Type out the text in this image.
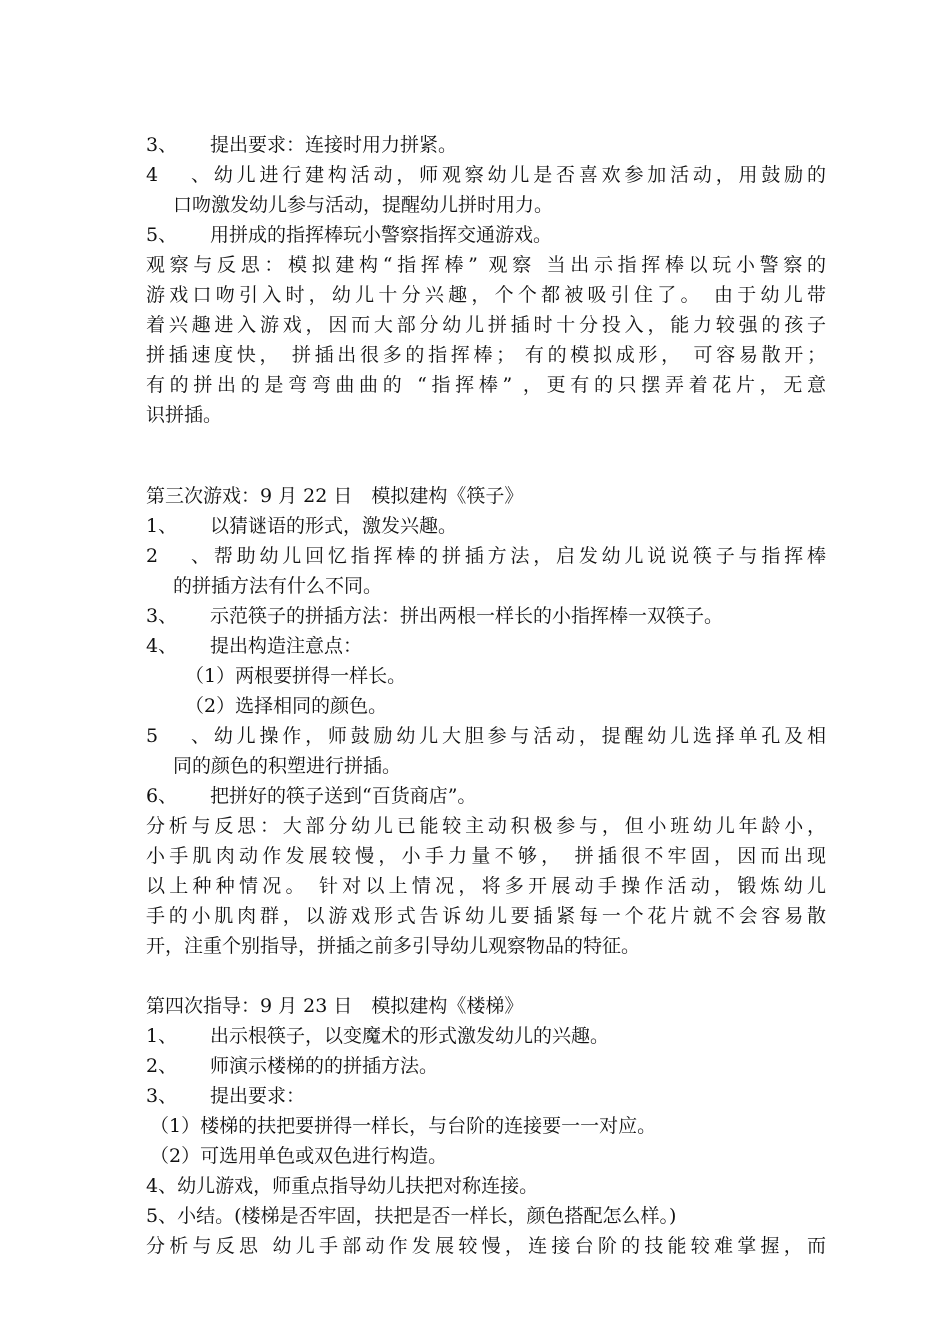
3、 提出要求：连接时用力拼紧。
4、幼儿进行建构活动，师观察幼儿是否喜欢参加活动，用鼓励的
口吻激发幼儿参与活动，提醒幼儿拼时用力。
5、 用拼成的指挥棒玩小警察指挥交通游戏。
观察与反思：模拟建构“指挥棒” 观察 当出示指挥棒以玩小警察的
游戏口吻引入时，幼儿十分兴趣，个个都被吸引住了。 由于幼儿带
着兴趣进入游戏，因而大部分幼儿拼插时十分投入，能力较强的孩子
拼插速度快， 拼插出很多的指挥棒； 有的模拟成形， 可容易散开；
有的拼出的是弯弯曲曲的 “指挥棒” ，更有的只摆弄着花片，无意
识拼插。
第三次游戏：9 月 22 日　模拟建构《筷子》
1、 以猜谜语的形式，激发兴趣。
2、帮助幼儿回忆指挥棒的拼插方法，启发幼儿说说筷子与指挥棒
的拼插方法有什么不同。
3、 示范筷子的拼插方法：拼出两根一样长的小指挥棒一双筷子。
4、 提出构造注意点：
（1）两根要拼得一样长。
（2）选择相同的颜色。
5、幼儿操作，师鼓励幼儿大胆参与活动，提醒幼儿选择单孔及相
同的颜色的积塑进行拼插。
6、 把拼好的筷子送到“百货商店”。
分析与反思：大部分幼儿已能较主动积极参与，但小班幼儿年龄小，
小手肌肉动作发展较慢，小手力量不够， 拼插很不牢固，因而出现
以上种种情况。 针对以上情况，将多开展动手操作活动，锻炼幼儿
手的小肌肉群，以游戏形式告诉幼儿要插紧每一个花片就不会容易散
开，注重个别指导，拼插之前多引导幼儿观察物品的特征。
第四次指导：9 月 23 日　模拟建构《楼梯》
1、 出示根筷子，以变魔术的形式激发幼儿的兴趣。
2、 师演示楼梯的的拼插方法。
3、 提出要求：
（1）楼梯的扶把要拼得一样长，与台阶的连接要一一对应。
（2）可选用单色或双色进行构造。
4、幼儿游戏，师重点指导幼儿扶把对称连接。
5、小结。(楼梯是否牢固，扶把是否一样长，颜色搭配怎么样。)
分析与反思 幼儿手部动作发展较慢，连接台阶的技能较难掌握，而
